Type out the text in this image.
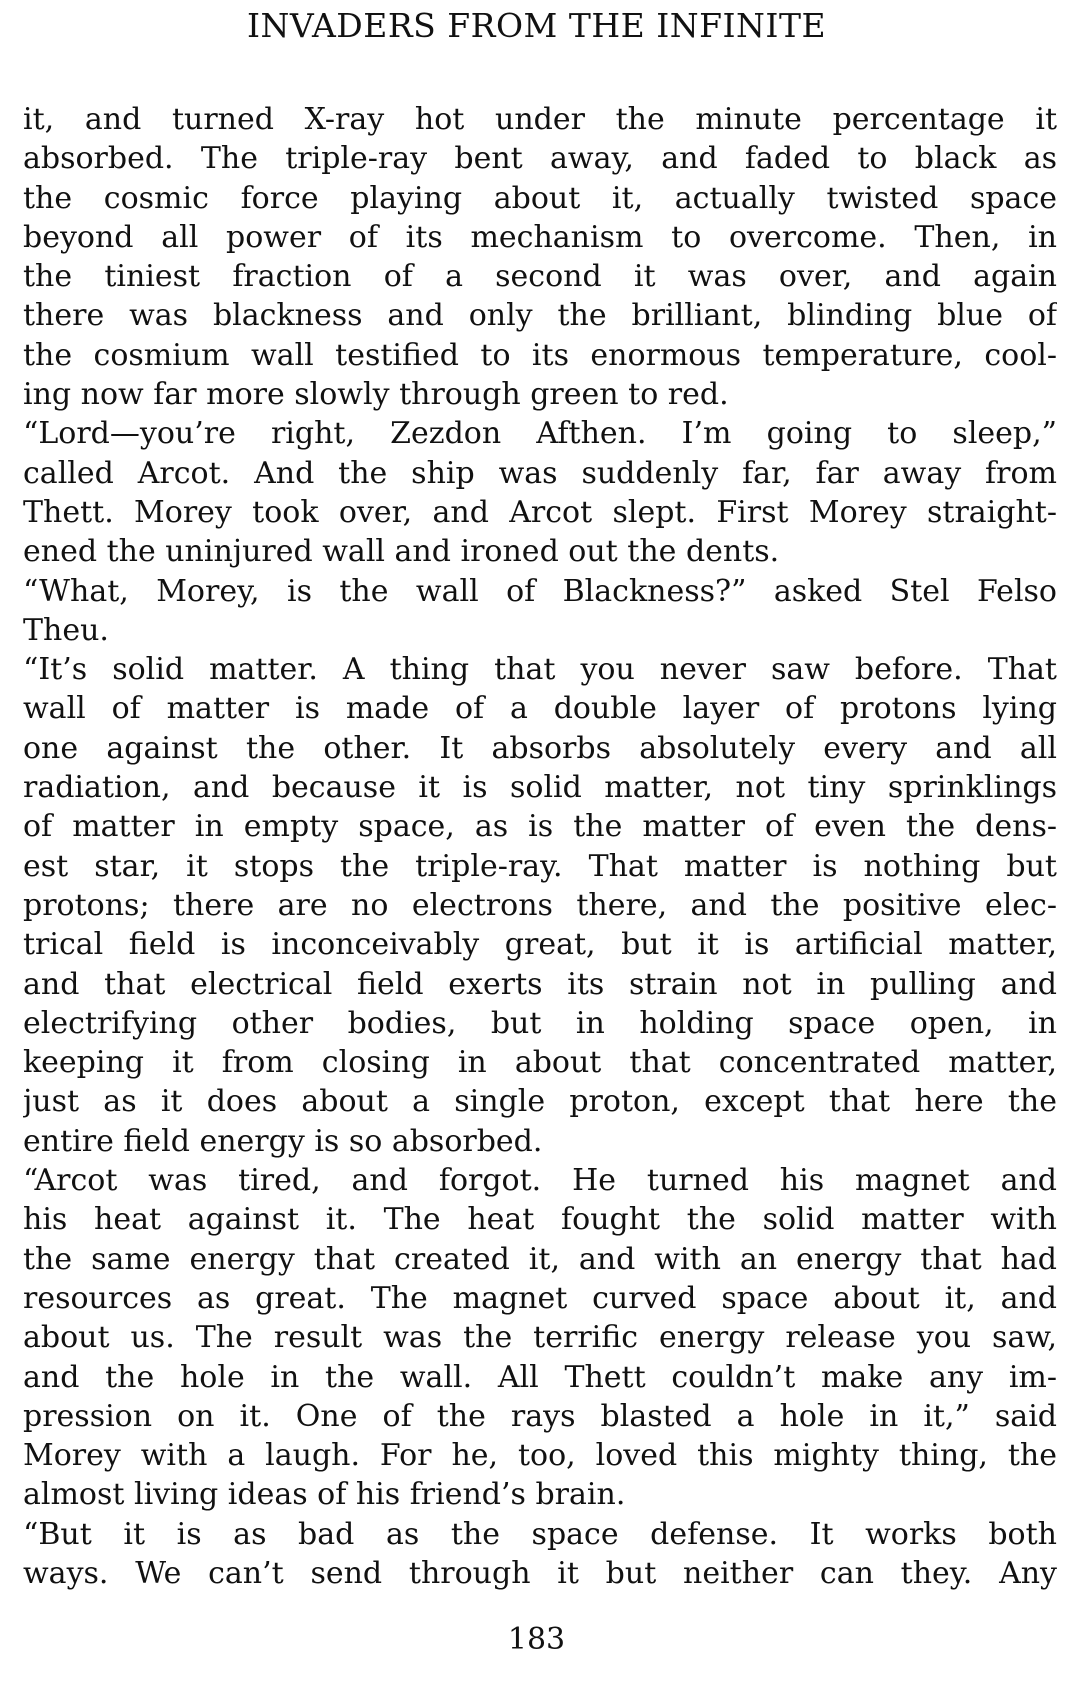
INVADERS FROM THE INFINITE
it, and turned X-ray hot under the minute percentage it
absorbed. The triple-ray bent away, and faded to black as
the cosmic force playing about it, actually twisted space
beyond all power of its mechanism to overcome. Then, in
the tiniest fraction of a second it was over, and again
there was blackness and only the brilliant, blinding blue of
the cosmium wall testified to its enormous temperature, cool-
ing now far more slowly through green to red.
“Lord—you’re right, Zezdon Afthen. I’m going to sleep,”
called Arcot. And the ship was suddenly far, far away from
Thett. Morey took over, and Arcot slept. First Morey straight-
ened the uninjured wall and ironed out the dents.
“What, Morey, is the wall of Blackness?” asked Stel Felso
Theu.
“It’s solid matter. A thing that you never saw before. That
wall of matter is made of a double layer of protons lying
one against the other. It absorbs absolutely every and all
radiation, and because it is solid matter, not tiny sprinklings
of matter in empty space, as is the matter of even the dens-
est star, it stops the triple-ray. That matter is nothing but
protons; there are no electrons there, and the positive elec-
trical field is inconceivably great, but it is artificial matter,
and that electrical field exerts its strain not in pulling and
electrifying other bodies, but in holding space open, in
keeping it from closing in about that concentrated matter,
just as it does about a single proton, except that here the
entire field energy is so absorbed.
“Arcot was tired, and forgot. He turned his magnet and
his heat against it. The heat fought the solid matter with
the same energy that created it, and with an energy that had
resources as great. The magnet curved space about it, and
about us. The result was the terrific energy release you saw,
and the hole in the wall. All Thett couldn’t make any im-
pression on it. One of the rays blasted a hole in it,” said
Morey with a laugh. For he, too, loved this mighty thing, the
almost living ideas of his friend’s brain.
“But it is as bad as the space defense. It works both
ways. We can’t send through it but neither can they. Any
183
